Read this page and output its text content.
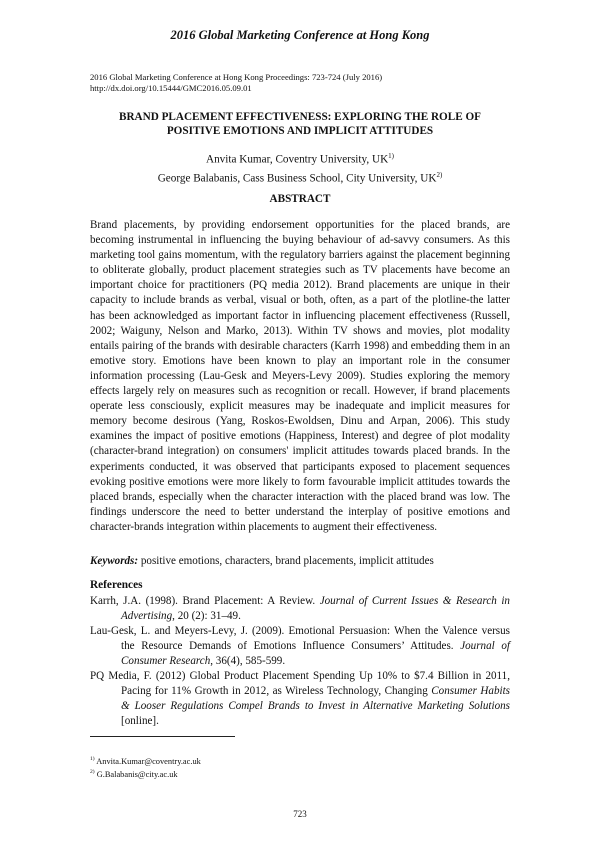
2016 Global Marketing Conference at Hong Kong
2016 Global Marketing Conference at Hong Kong Proceedings: 723-724 (July 2016)
http://dx.doi.org/10.15444/GMC2016.05.09.01
BRAND PLACEMENT EFFECTIVENESS: EXPLORING THE ROLE OF
POSITIVE EMOTIONS AND IMPLICIT ATTITUDES
Anvita Kumar, Coventry University, UK$^{1)}$
George Balabanis, Cass Business School, City University, UK$^{2)}$
ABSTRACT

Brand placements, by providing endorsement opportunities for the placed brands, are becoming instrumental in influencing the buying behaviour of ad-savvy consumers. As this marketing tool gains momentum, with the regulatory barriers against the placement beginning to obliterate globally, product placement strategies such as TV placements have become an important choice for practitioners (PQ media 2012). Brand placements are unique in their capacity to include brands as verbal, visual or both, often, as a part of the plotline-the latter has been acknowledged as important factor in influencing placement effectiveness (Russell, 2002; Waiguny, Nelson and Marko, 2013). Within TV shows and movies, plot modality entails pairing of the brands with desirable characters (Karrh 1998) and embedding them in an emotive story. Emotions have been known to play an important role in the consumer information processing (Lau-Gesk and Meyers-Levy 2009). Studies exploring the memory effects largely rely on measures such as recognition or recall. However, if brand placements operate less consciously, explicit measures may be inadequate and implicit measures for memory become desirous (Yang, Roskos-Ewoldsen, Dinu and Arpan, 2006). This study examines the impact of positive emotions (Happiness, Interest) and degree of plot modality (character-brand integration) on consumers' implicit attitudes towards placed brands. In the experiments conducted, it was observed that participants exposed to placement sequences evoking positive emotions were more likely to form favourable implicit attitudes towards the placed brands, especially when the character interaction with the placed brand was low. The findings underscore the need to better understand the interplay of positive emotions and character-brands integration within placements to augment their effectiveness.

Keywords: positive emotions, characters, brand placements, implicit attitudes
References

Karrh, J.A. (1998). Brand Placement: A Review. Journal of Current Issues & Research in Advertising, 20 (2): 31–49.

Lau-Gesk, L. and Meyers-Levy, J. (2009). Emotional Persuasion: When the Valence versus the Resource Demands of Emotions Influence Consumers’ Attitudes. Journal of Consumer Research, 36(4), 585-599.

PQ Media, F. (2012) Global Product Placement Spending Up 10% to $7.4 Billion in 2011, Pacing for 11% Growth in 2012, as Wireless Technology, Changing Consumer Habits & Looser Regulations Compel Brands to Invest in Alternative Marketing Solutions [online].

$^{1)}$ Anvita.Kumar@coventry.ac.uk
$^{2)}$ G.Balabanis@city.ac.uk
723
